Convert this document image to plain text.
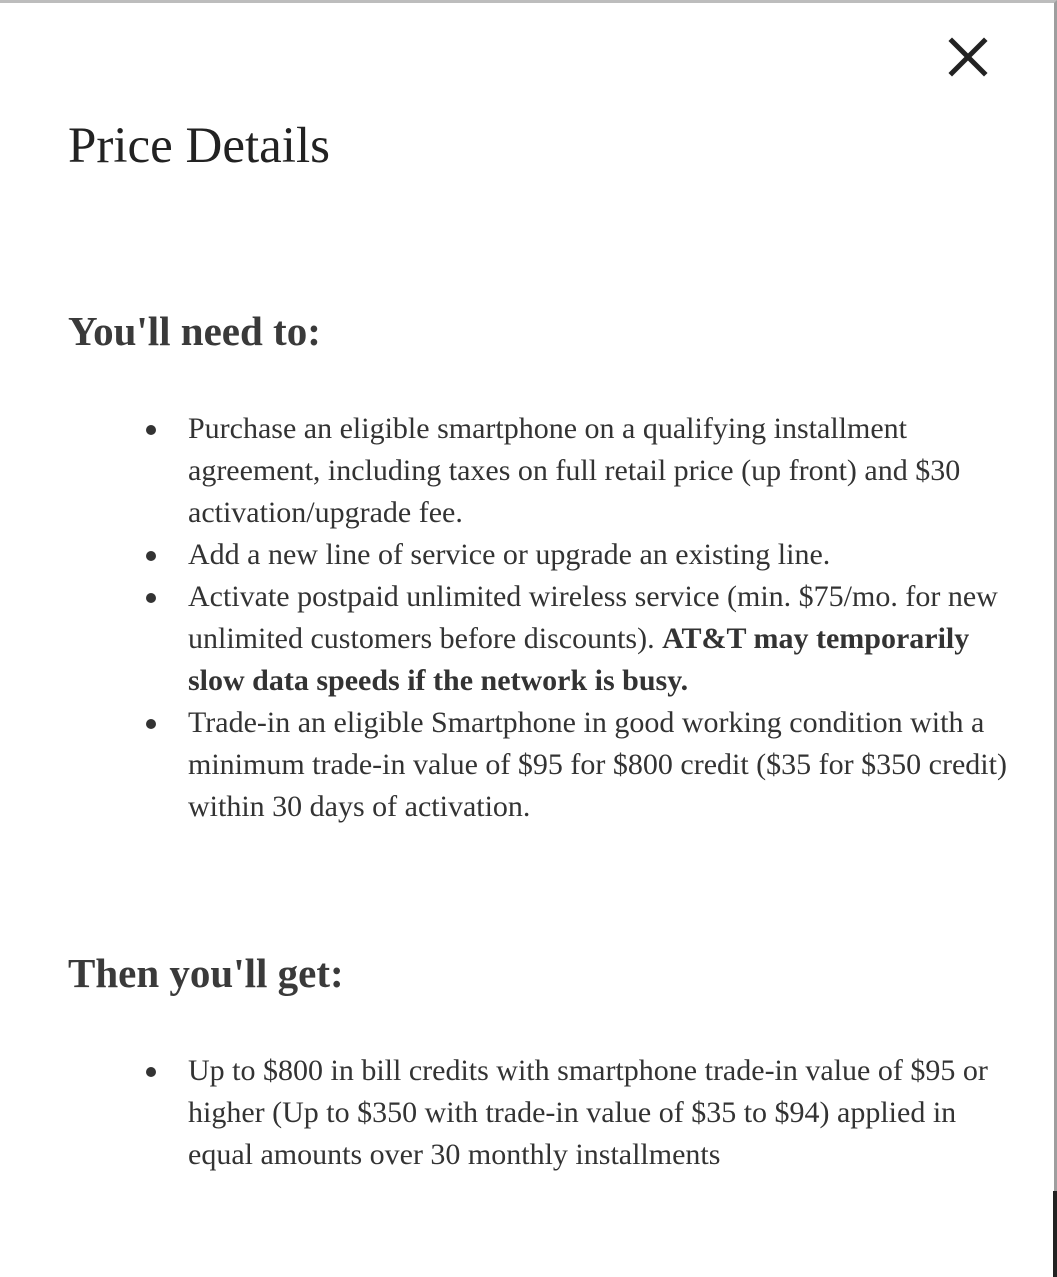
Price Details
You'll need to:
Purchase an eligible smartphone on a qualifying installment agreement, including taxes on full retail price (up front) and $30 activation/upgrade fee.
Add a new line of service or upgrade an existing line.
Activate postpaid unlimited wireless service (min. $75/mo. for new unlimited customers before discounts). AT&T may temporarily slow data speeds if the network is busy.
Trade-in an eligible Smartphone in good working condition with a minimum trade-in value of $95 for $800 credit ($35 for $350 credit) within 30 days of activation.
Then you'll get:
Up to $800 in bill credits with smartphone trade-in value of $95 or higher (Up to $350 with trade-in value of $35 to $94) applied in equal amounts over 30 monthly installments
